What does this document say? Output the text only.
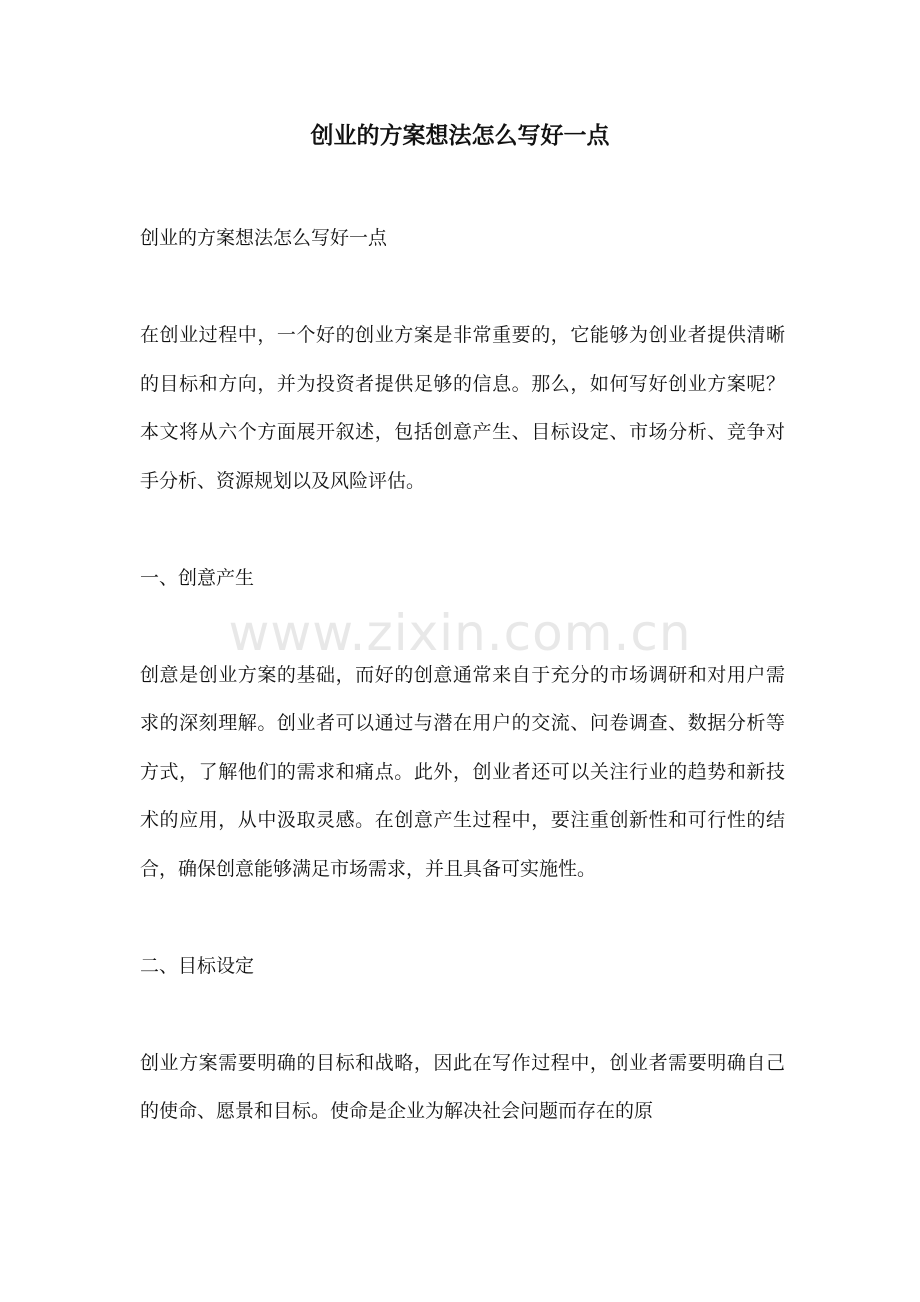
创业的方案想法怎么写好一点

创业的方案想法怎么写好一点

在创业过程中，一个好的创业方案是非常重要的，它能够为创业者提供清晰的目标和方向，并为投资者提供足够的信息。那么，如何写好创业方案呢？本文将从六个方面展开叙述，包括创意产生、目标设定、市场分析、竞争对手分析、资源规划以及风险评估。

一、创意产生

创意是创业方案的基础，而好的创意通常来自于充分的市场调研和对用户需求的深刻理解。创业者可以通过与潜在用户的交流、问卷调查、数据分析等方式，了解他们的需求和痛点。此外，创业者还可以关注行业的趋势和新技术的应用，从中汲取灵感。在创意产生过程中，要注重创新性和可行性的结合，确保创意能够满足市场需求，并且具备可实施性。

二、目标设定

创业方案需要明确的目标和战略，因此在写作过程中，创业者需要明确自己的使命、愿景和目标。使命是企业为解决社会问题而存在的原

www.zixin.com.cn
